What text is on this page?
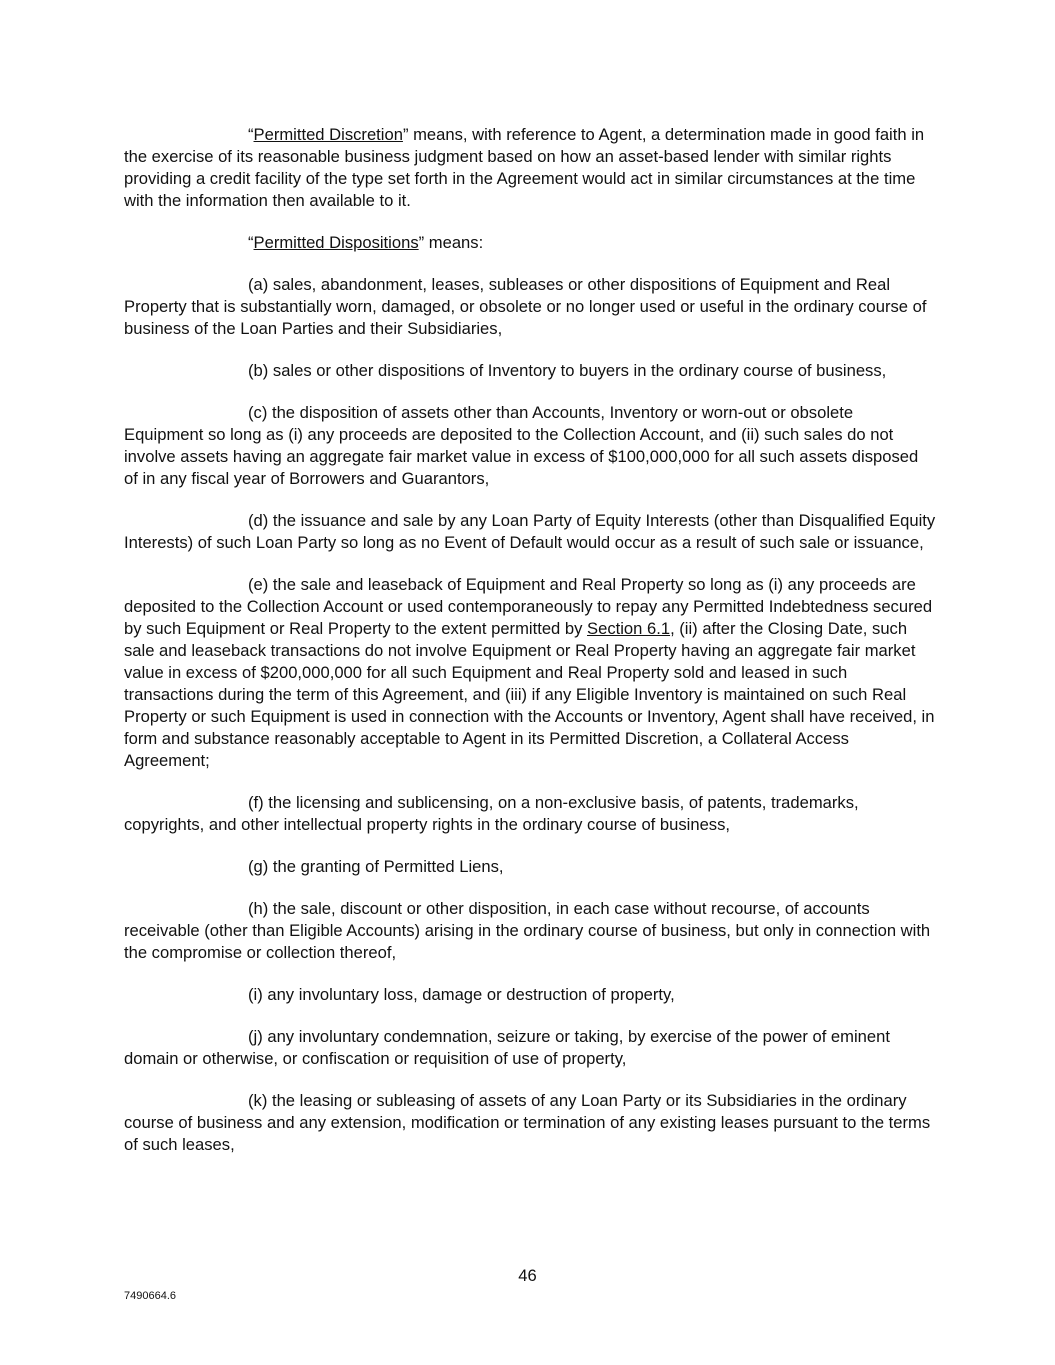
“Permitted Discretion” means, with reference to Agent, a determination made in good faith in the exercise of its reasonable business judgment based on how an asset-based lender with similar rights providing a credit facility of the type set forth in the Agreement would act in similar circumstances at the time with the information then available to it.

“Permitted Dispositions” means:

(a) sales, abandonment, leases, subleases or other dispositions of Equipment and Real Property that is substantially worn, damaged, or obsolete or no longer used or useful in the ordinary course of business of the Loan Parties and their Subsidiaries,

(b) sales or other dispositions of Inventory to buyers in the ordinary course of business,

(c) the disposition of assets other than Accounts, Inventory or worn-out or obsolete Equipment so long as (i) any proceeds are deposited to the Collection Account, and (ii) such sales do not involve assets having an aggregate fair market value in excess of $100,000,000 for all such assets disposed of in any fiscal year of Borrowers and Guarantors,

(d) the issuance and sale by any Loan Party of Equity Interests (other than Disqualified Equity Interests) of such Loan Party so long as no Event of Default would occur as a result of such sale or issuance,

(e) the sale and leaseback of Equipment and Real Property so long as (i) any proceeds are deposited to the Collection Account or used contemporaneously to repay any Permitted Indebtedness secured by such Equipment or Real Property to the extent permitted by Section 6.1, (ii) after the Closing Date, such sale and leaseback transactions do not involve Equipment or Real Property having an aggregate fair market value in excess of $200,000,000 for all such Equipment and Real Property sold and leased in such transactions during the term of this Agreement, and (iii) if any Eligible Inventory is maintained on such Real Property or such Equipment is used in connection with the Accounts or Inventory, Agent shall have received, in form and substance reasonably acceptable to Agent in its Permitted Discretion, a Collateral Access Agreement;

(f) the licensing and sublicensing, on a non-exclusive basis, of patents, trademarks, copyrights, and other intellectual property rights in the ordinary course of business,

(g) the granting of Permitted Liens,

(h) the sale, discount or other disposition, in each case without recourse, of accounts receivable (other than Eligible Accounts) arising in the ordinary course of business, but only in connection with the compromise or collection thereof,

(i) any involuntary loss, damage or destruction of property,

(j) any involuntary condemnation, seizure or taking, by exercise of the power of eminent domain or otherwise, or confiscation or requisition of use of property,

(k) the leasing or subleasing of assets of any Loan Party or its Subsidiaries in the ordinary course of business and any extension, modification or termination of any existing leases pursuant to the terms of such leases,

46
7490664.6
